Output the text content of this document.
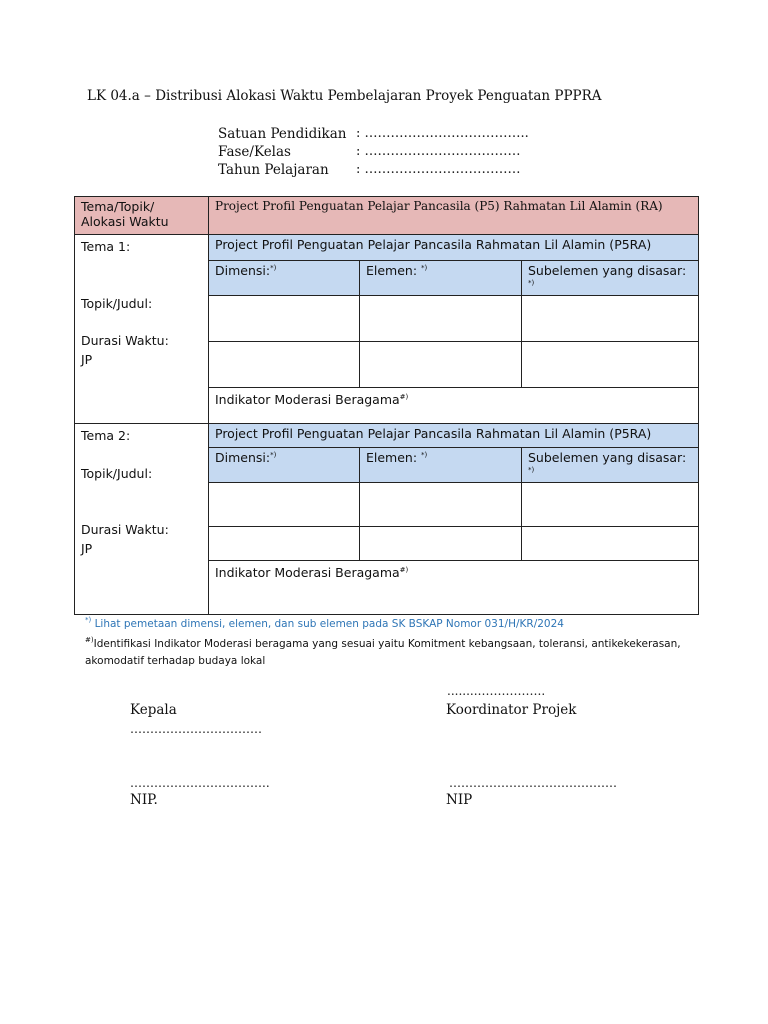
LK 04.a – Distribusi Alokasi Waktu Pembelajaran Proyek Penguatan PPPRA
Satuan Pendidikan : ………………………………..
Fase/Kelas	: ………………………………
Tahun Pelajaran : ………………………………
Tema/Topik/
Alokasi Waktu	Project Profil Penguatan Pelajar Pancasila (P5) Rahmatan Lil Alamin (RA)		

Tema 1:
Topik/Judul:
Durasi Waktu:
JP	Project Profil Penguatan Pelajar Pancasila Rahmatan Lil Alamin (P5RA)		
	Dimensi:*)	Elemen: *)	Subelemen yang disasar: *)

	Indikator Moderasi Beragama#)

Tema 2:
Topik/Judul:
Durasi Waktu:
JP	Project Profil Penguatan Pelajar Pancasila Rahmatan Lil Alamin (P5RA)		
	Dimensi:*)	Elemen: *)	Subelemen yang disasar: *)

	Indikator Moderasi Beragama#)
*) Lihat pemetaan dimensi, elemen, dan sub elemen pada SK BSKAP Nomor 031/H/KR/2024
#)Identifikasi Indikator Moderasi beragama yang sesuai yaitu Komitment kebangsaan, toleransi, antikekekerasan, akomodatif terhadap budaya lokal
........……………..
Kepala	Koordinator Projek
……………………………
……………………………..	……………………………………
NIP.	NIP
